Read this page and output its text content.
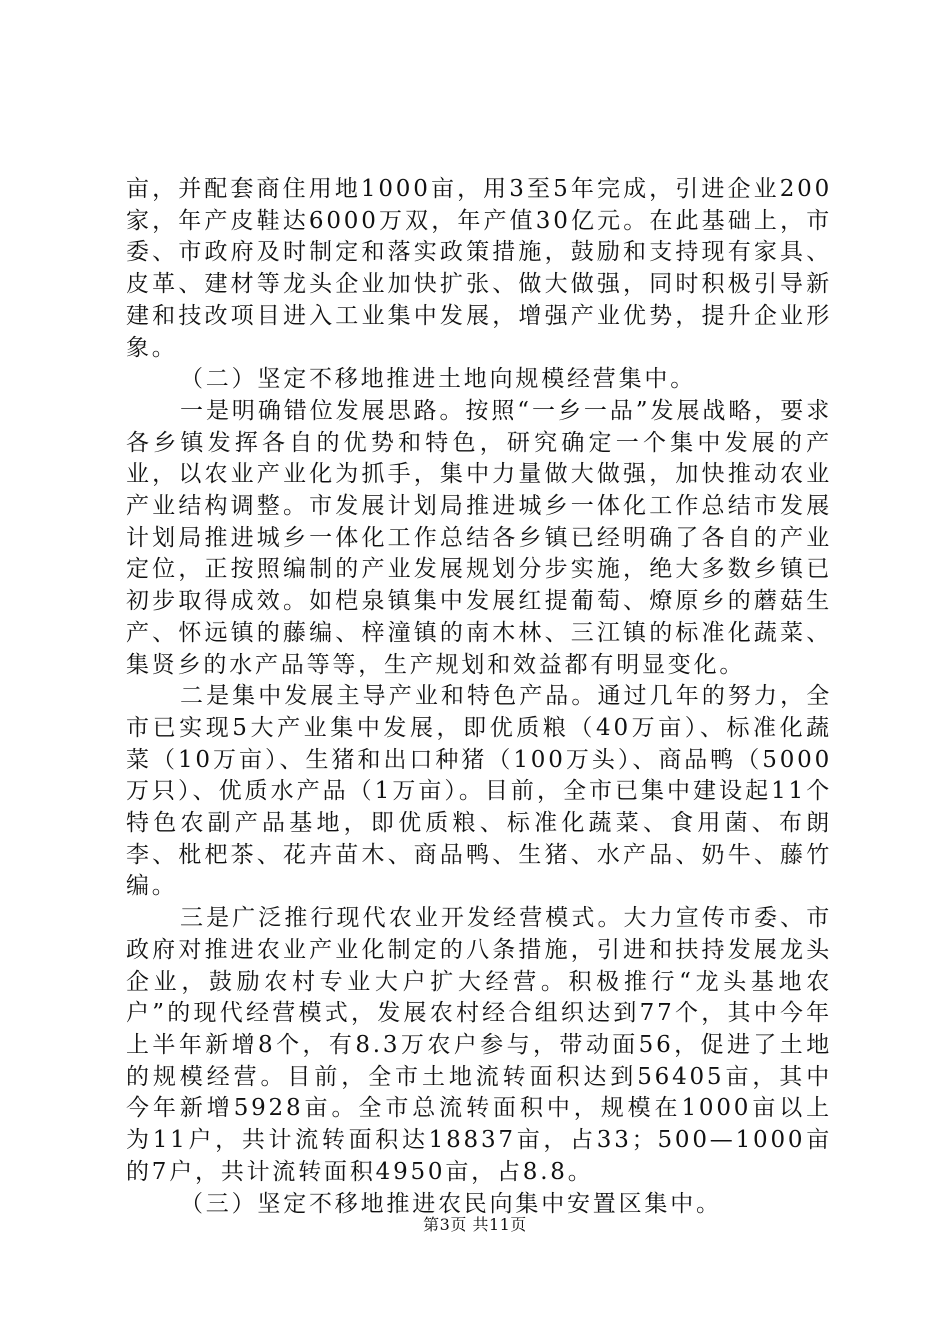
亩，并配套商住用地1000亩，用3至5年完成，引进企业200家，年产皮鞋达6000万双，年产值30亿元。在此基础上，市委、市政府及时制定和落实政策措施，鼓励和支持现有家具、皮革、建材等龙头企业加快扩张、做大做强，同时积极引导新建和技改项目进入工业集中发展，增强产业优势，提升企业形象。

（二）坚定不移地推进土地向规模经营集中。

一是明确错位发展思路。按照“一乡一品”发展战略，要求各乡镇发挥各自的优势和特色，研究确定一个集中发展的产业，以农业产业化为抓手，集中力量做大做强，加快推动农业产业结构调整。市发展计划局推进城乡一体化工作总结市发展计划局推进城乡一体化工作总结各乡镇已经明确了各自的产业定位，正按照编制的产业发展规划分步实施，绝大多数乡镇已初步取得成效。如桤泉镇集中发展红提葡萄、燎原乡的蘑菇生产、怀远镇的藤编、梓潼镇的南木林、三江镇的标准化蔬菜、集贤乡的水产品等等，生产规划和效益都有明显变化。

二是集中发展主导产业和特色产品。通过几年的努力，全市已实现5大产业集中发展，即优质粮（40万亩）、标准化蔬菜（10万亩）、生猪和出口种猪（100万头）、商品鸭（5000万只）、优质水产品（1万亩）。目前，全市已集中建设起11个特色农副产品基地，即优质粮、标准化蔬菜、食用菌、布朗李、枇杷茶、花卉苗木、商品鸭、生猪、水产品、奶牛、藤竹编。

三是广泛推行现代农业开发经营模式。大力宣传市委、市政府对推进农业产业化制定的八条措施，引进和扶持发展龙头企业，鼓励农村专业大户扩大经营。积极推行“龙头基地农户”的现代经营模式，发展农村经合组织达到77个，其中今年上半年新增8个，有8.3万农户参与，带动面56，促进了土地的规模经营。目前，全市土地流转面积达到56405亩，其中今年新增5928亩。全市总流转面积中，规模在1000亩以上为11户，共计流转面积达18837亩，占33；500—1000亩的7户，共计流转面积4950亩，占8.8。

（三）坚定不移地推进农民向集中安置区集中。

第3页 共11页
